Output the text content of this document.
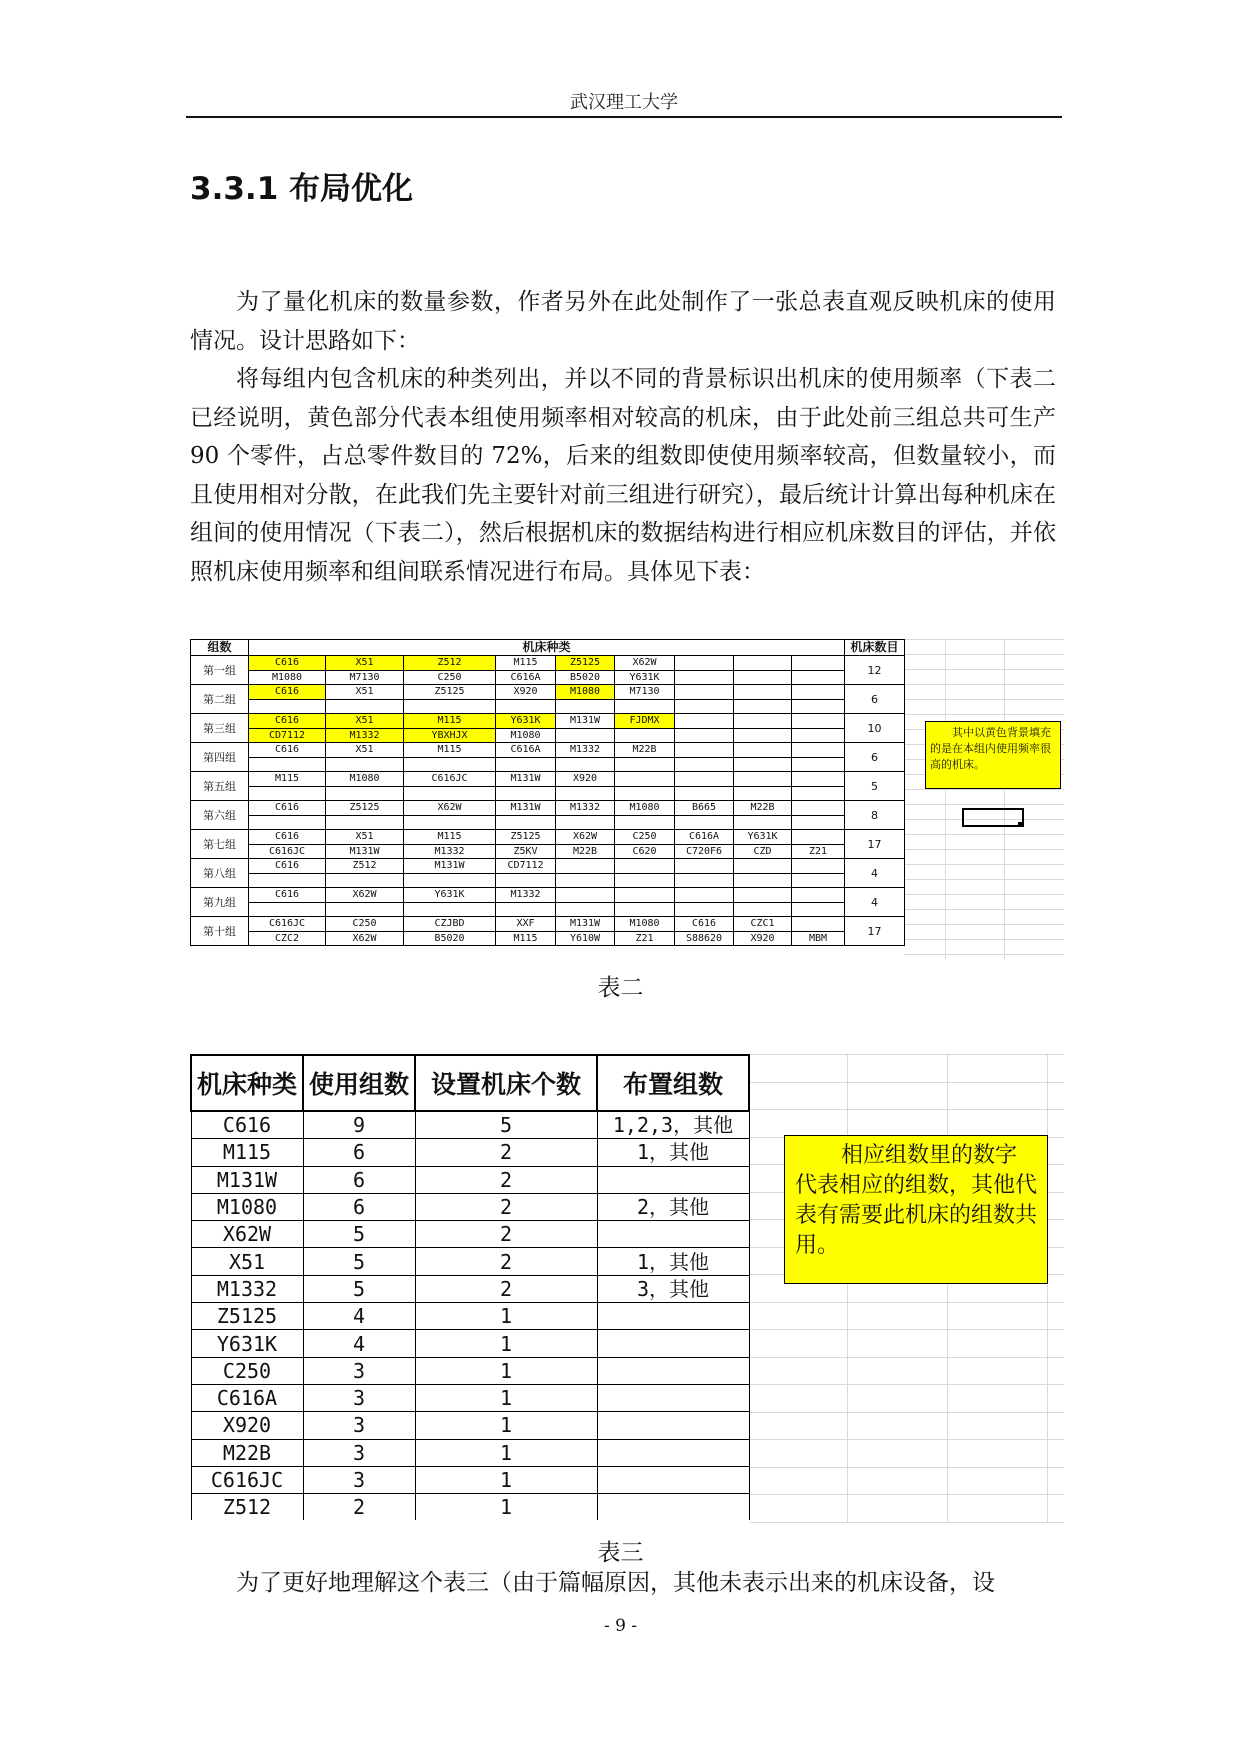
武汉理工大学
3.3.1 布局优化

为了量化机床的数量参数，作者另外在此处制作了一张总表直观反映机床的使用情况。设计思路如下：

将每组内包含机床的种类列出，并以不同的背景标识出机床的使用频率（下表二已经说明，黄色部分代表本组使用频率相对较高的机床，由于此处前三组总共可生产 90 个零件，占总零件数目的 72%，后来的组数即使使用频率较高，但数量较小，而且使用相对分散，在此我们先主要针对前三组进行研究），最后统计计算出每种机床在组间的使用情况（下表二），然后根据机床的数据结构进行相应机床数目的评估，并依照机床使用频率和组间联系情况进行布局。具体见下表：

组数	机床种类									机床数目
第一组	C616	X51	Z512	M115	Z5125	X62W				12
	M1080	M7130	C250	C616A	B5020	Y631K				
第二组	C616	X51	Z5125	X920	M1080	M7130				6

第三组	C616	X51	M115	Y631K	M131W	FJDMX				10
	CD7112	M1332	YBXHJX	M1080						
第四组	C616	X51	M115	C616A	M1332	M22B				6

第五组	M115	M1080	C616JC	M131W	X920					5

第六组	C616	Z5125	X62W	M131W	M1332	M1080	B665	M22B		8

第七组	C616	X51	M115	Z5125	X62W	C250	C616A	Y631K		17
	C616JC	M131W	M1332	Z5KV	M22B	C620	C720F6	CZD	Z21	
第八组	C616	Z512	M131W	CD7112						4

第九组	C616	X62W	Y631K	M1332						4

第十组	C616JC	C250	CZJBD	XXF	M131W	M1080	C616	CZC1		17
	CZC2	X62W	B5020	M115	Y610W	Z21	S88620	X920	MBM	
其中以黄色背景填充的是在本组内使用频率很高的机床。
表二
机床种类	使用组数	设置机床个数	布置组数
C616	9	5	1,2,3，其他
M115	6	2	1，其他
M131W	6	2	
M1080	6	2	2，其他
X62W	5	2	
X51	5	2	1，其他
M1332	5	2	3，其他
Z5125	4	1	
Y631K	4	1	
C250	3	1	
C616A	3	1	
X920	3	1	
M22B	3	1	
C616JC	3	1	
Z512	2	1	
相应组数里的数字代表相应的组数，其他代表有需要此机床的组数共用。
表三

为了更好地理解这个表三（由于篇幅原因，其他未表示出来的机床设备，设

- 9 -
